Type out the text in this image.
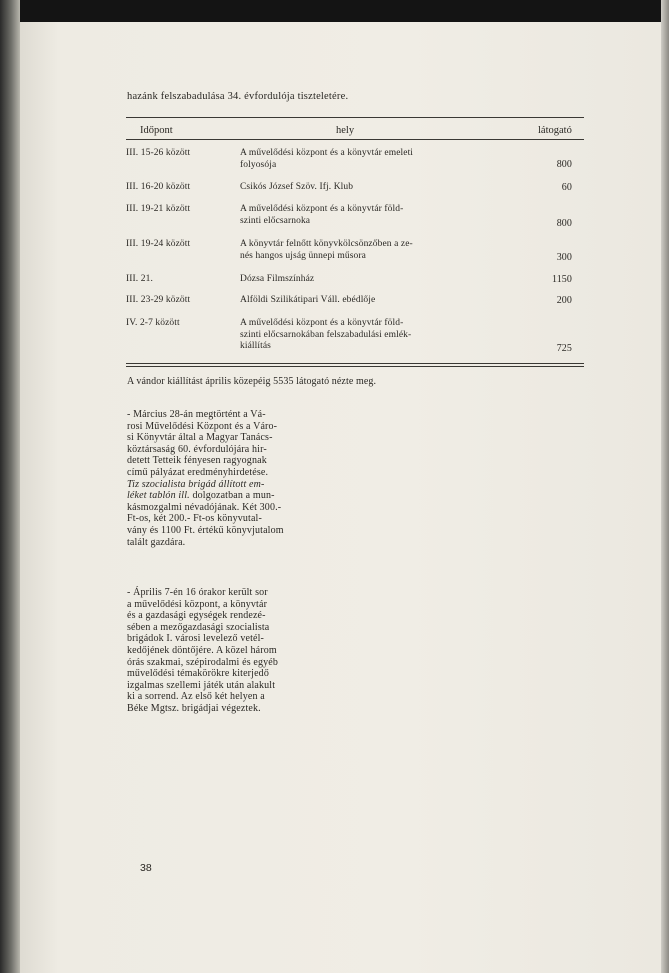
hazánk felszabadulása 34. évfordulója tiszteletére.
Időpont	hely	látogató
III. 15-26 között	A művelődési központ és a könyvtár emeleti
folyosója	800
III. 16-20 között	Csikós József Szöv. Ifj. Klub	60
III. 19-21 között	A művelődési központ és a könyvtár föld-
szinti előcsarnoka	800
III. 19-24 között	A könyvtár felnőtt könyvkölcsönzőben a ze-
nés hangos ujság ünnepi műsora	300
III. 21.	Dózsa Filmszínház	1150
III. 23-29 között	Alföldi Szilikátipari Váll. ebédlője	200
IV. 2-7 között	A művelődési központ és a könyvtár föld-
szinti előcsarnokában felszabadulási emlék-
kiállítás	725
A vándor kiállítást április közepéig 5535 látogató nézte meg.

- Március 28-án megtörtént a Vá-
rosi Művelődési Központ és a Váro-
si Könyvtár által a Magyar Tanács-
köztársaság 60. évfordulójára hir-
detett Tetteik fényesen ragyognak
című pályázat eredményhirdetése.
Tiz szocialista brigád állított em-
léket tablón ill. dolgozatban a mun-
kásmozgalmi névadójának. Két 300.-
Ft-os, két 200.- Ft-os könyvutal-
vány és 1100 Ft. értékű könyvjutalom
talált gazdára.

- Április 7-én 16 órakor került sor
a művelődési központ, a könyvtár
és a gazdasági egységek rendezé-
sében a mezőgazdasági szocialista
brigádok I. városi levelező vetél-
kedőjének döntőjére. A közel három
órás szakmai, szépirodalmi és egyéb
művelődési témakörökre kiterjedő
izgalmas szellemi játék után alakult
ki a sorrend. Az első két helyen a
Béke Mgtsz. brigádjai végeztek.

38
